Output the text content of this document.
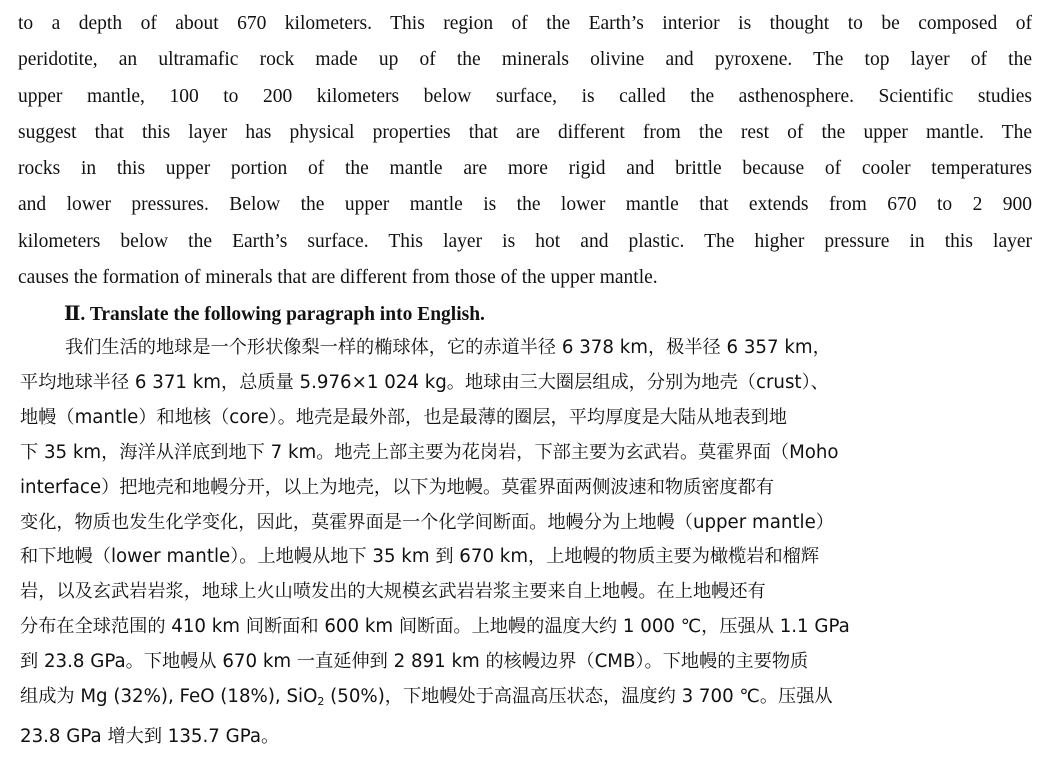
to a depth of about 670 kilometers. This region of the Earth’s interior is thought to be composed of
peridotite, an ultramafic rock made up of the minerals olivine and pyroxene. The top layer of the
upper mantle, 100 to 200 kilometers below surface, is called the asthenosphere. Scientific studies
suggest that this layer has physical properties that are different from the rest of the upper mantle. The
rocks in this upper portion of the mantle are more rigid and brittle because of cooler temperatures
and lower pressures. Below the upper mantle is the lower mantle that extends from 670 to 2 900
kilometers below the Earth’s surface. This layer is hot and plastic. The higher pressure in this layer
causes the formation of minerals that are different from those of the upper mantle.
Ⅱ. Translate the following paragraph into English.
我们生活的地球是一个形状像梨一样的椭球体，它的赤道半径 6 378 km，极半径 6 357 km，
平均地球半径 6 371 km，总质量 5.976×1 024 kg。地球由三大圈层组成，分别为地壳（crust）、
地幔（mantle）和地核（core）。地壳是最外部，也是最薄的圈层，平均厚度是大陆从地表到地
下 35 km，海洋从洋底到地下 7 km。地壳上部主要为花岗岩，下部主要为玄武岩。莫霍界面（Moho
interface）把地壳和地幔分开，以上为地壳，以下为地幔。莫霍界面两侧波速和物质密度都有
变化，物质也发生化学变化，因此，莫霍界面是一个化学间断面。地幔分为上地幔（upper mantle）
和下地幔（lower mantle）。上地幔从地下 35 km 到 670 km，上地幔的物质主要为橄榄岩和榴辉
岩，以及玄武岩岩浆，地球上火山喷发出的大规模玄武岩岩浆主要来自上地幔。在上地幔还有
分布在全球范围的 410 km 间断面和 600 km 间断面。上地幔的温度大约 1 000 ℃，压强从 1.1 GPa
到 23.8 GPa。下地幔从 670 km 一直延伸到 2 891 km 的核幔边界（CMB）。下地幔的主要物质
组成为 Mg (32%), FeO (18%), SiO$_2$ (50%)，下地幔处于高温高压状态，温度约 3 700 ℃。压强从
23.8 GPa 增大到 135.7 GPa。
